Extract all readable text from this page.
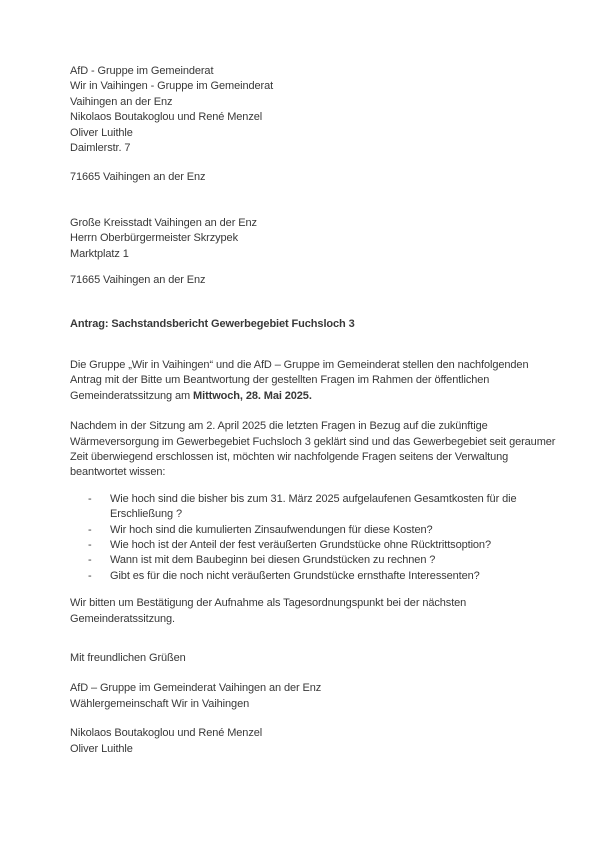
AfD - Gruppe im Gemeinderat
Wir in Vaihingen - Gruppe im Gemeinderat
Vaihingen an der Enz
Nikolaos Boutakoglou und René Menzel
Oliver Luithle
Daimlerstr. 7
71665 Vaihingen an der Enz
Große Kreisstadt Vaihingen an der Enz
Herrn Oberbürgermeister Skrzypek
Marktplatz 1
71665 Vaihingen an der Enz
Antrag: Sachstandsbericht Gewerbegebiet Fuchsloch 3
Die Gruppe „Wir in Vaihingen“ und die AfD – Gruppe im Gemeinderat stellen den nachfolgenden
Antrag mit der Bitte um Beantwortung der gestellten Fragen im Rahmen der öffentlichen
Gemeinderatssitzung am Mittwoch, 28. Mai 2025.
Nachdem in der Sitzung am 2. April 2025 die letzten Fragen in Bezug auf die zukünftige
Wärmeversorgung im Gewerbegebiet Fuchsloch 3 geklärt sind und das Gewerbegebiet seit geraumer
Zeit überwiegend erschlossen ist, möchten wir nachfolgende Fragen seitens der Verwaltung
beantwortet wissen:
-	Wie hoch sind die bisher bis zum 31. März 2025 aufgelaufenen Gesamtkosten für die
Erschließung ?
-	Wir hoch sind die kumulierten Zinsaufwendungen für diese Kosten?
-	Wie hoch ist der Anteil der fest veräußerten Grundstücke ohne Rücktrittsoption?
-	Wann ist mit dem Baubeginn bei diesen Grundstücken zu rechnen ?
-	Gibt es für die noch nicht veräußerten Grundstücke ernsthafte Interessenten?
Wir bitten um Bestätigung der Aufnahme als Tagesordnungspunkt bei der nächsten
Gemeinderatssitzung.
Mit freundlichen Grüßen
AfD – Gruppe im Gemeinderat Vaihingen an der Enz
Wählergemeinschaft Wir in Vaihingen
Nikolaos Boutakoglou und René Menzel
Oliver Luithle
